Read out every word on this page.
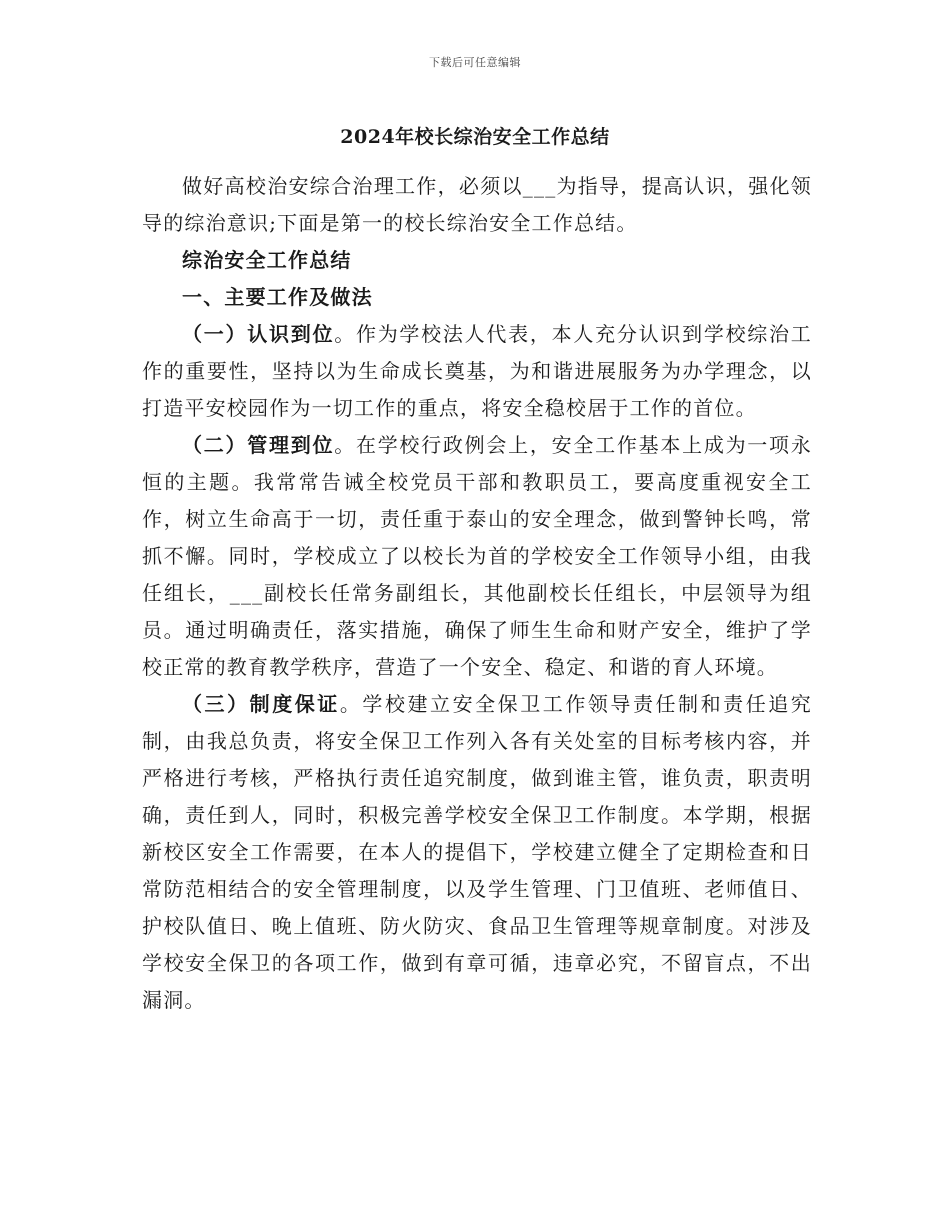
下载后可任意编辑
2024年校长综治安全工作总结

做好高校治安综合治理工作，必须以___为指导，提高认识，强化领导的综治意识;下面是第一的校长综治安全工作总结。

综治安全工作总结

一、主要工作及做法

（一）认识到位。作为学校法人代表，本人充分认识到学校综治工作的重要性，坚持以为生命成长奠基，为和谐进展服务为办学理念，以打造平安校园作为一切工作的重点，将安全稳校居于工作的首位。

（二）管理到位。在学校行政例会上，安全工作基本上成为一项永恒的主题。我常常告诫全校党员干部和教职员工，要高度重视安全工作，树立生命高于一切，责任重于泰山的安全理念，做到警钟长鸣，常抓不懈。同时，学校成立了以校长为首的学校安全工作领导小组，由我任组长，___副校长任常务副组长，其他副校长任组长，中层领导为组员。通过明确责任，落实措施，确保了师生生命和财产安全，维护了学校正常的教育教学秩序，营造了一个安全、稳定、和谐的育人环境。

（三）制度保证。学校建立安全保卫工作领导责任制和责任追究制，由我总负责，将安全保卫工作列入各有关处室的目标考核内容，并严格进行考核，严格执行责任追究制度，做到谁主管，谁负责，职责明确，责任到人，同时，积极完善学校安全保卫工作制度。本学期，根据新校区安全工作需要，在本人的提倡下，学校建立健全了定期检查和日常防范相结合的安全管理制度，以及学生管理、门卫值班、老师值日、护校队值日、晚上值班、防火防灾、食品卫生管理等规章制度。对涉及学校安全保卫的各项工作，做到有章可循，违章必究，不留盲点，不出漏洞。
